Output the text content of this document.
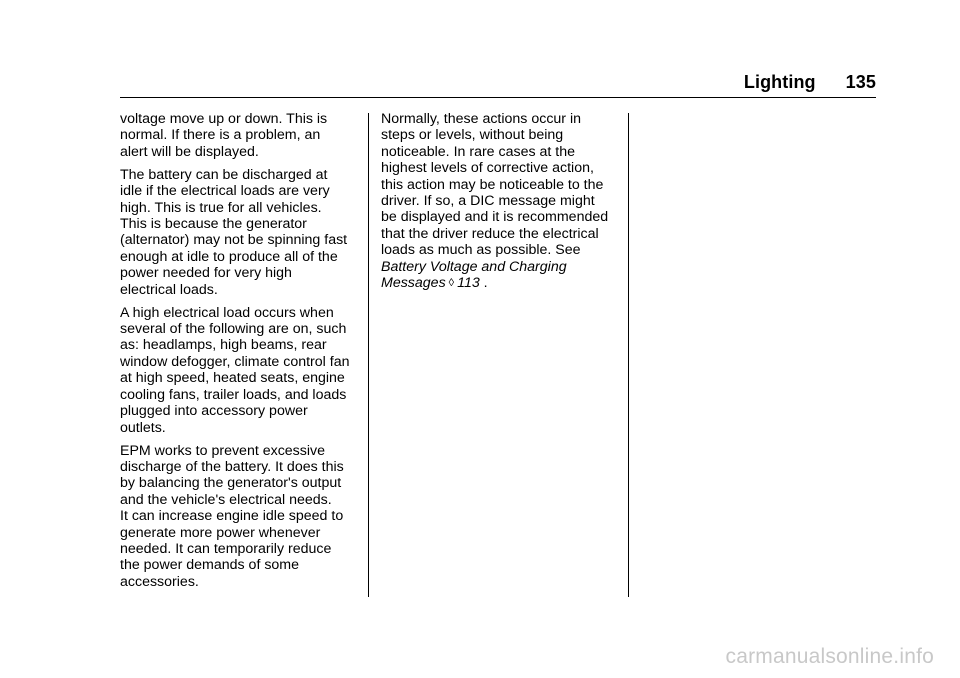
Lighting 135

voltage move up or down. This is
normal. If there is a problem, an
alert will be displayed.

The battery can be discharged at
idle if the electrical loads are very
high. This is true for all vehicles.
This is because the generator
(alternator) may not be spinning fast
enough at idle to produce all of the
power needed for very high
electrical loads.

A high electrical load occurs when
several of the following are on, such
as: headlamps, high beams, rear
window defogger, climate control fan
at high speed, heated seats, engine
cooling fans, trailer loads, and loads
plugged into accessory power
outlets.

EPM works to prevent excessive
discharge of the battery. It does this
by balancing the generator's output
and the vehicle's electrical needs.
It can increase engine idle speed to
generate more power whenever
needed. It can temporarily reduce
the power demands of some
accessories.

Normally, these actions occur in
steps or levels, without being
noticeable. In rare cases at the
highest levels of corrective action,
this action may be noticeable to the
driver. If so, a DIC message might
be displayed and it is recommended
that the driver reduce the electrical
loads as much as possible. See
Battery Voltage and Charging
Messages ◊ 113 .

carmanualsonline.info
